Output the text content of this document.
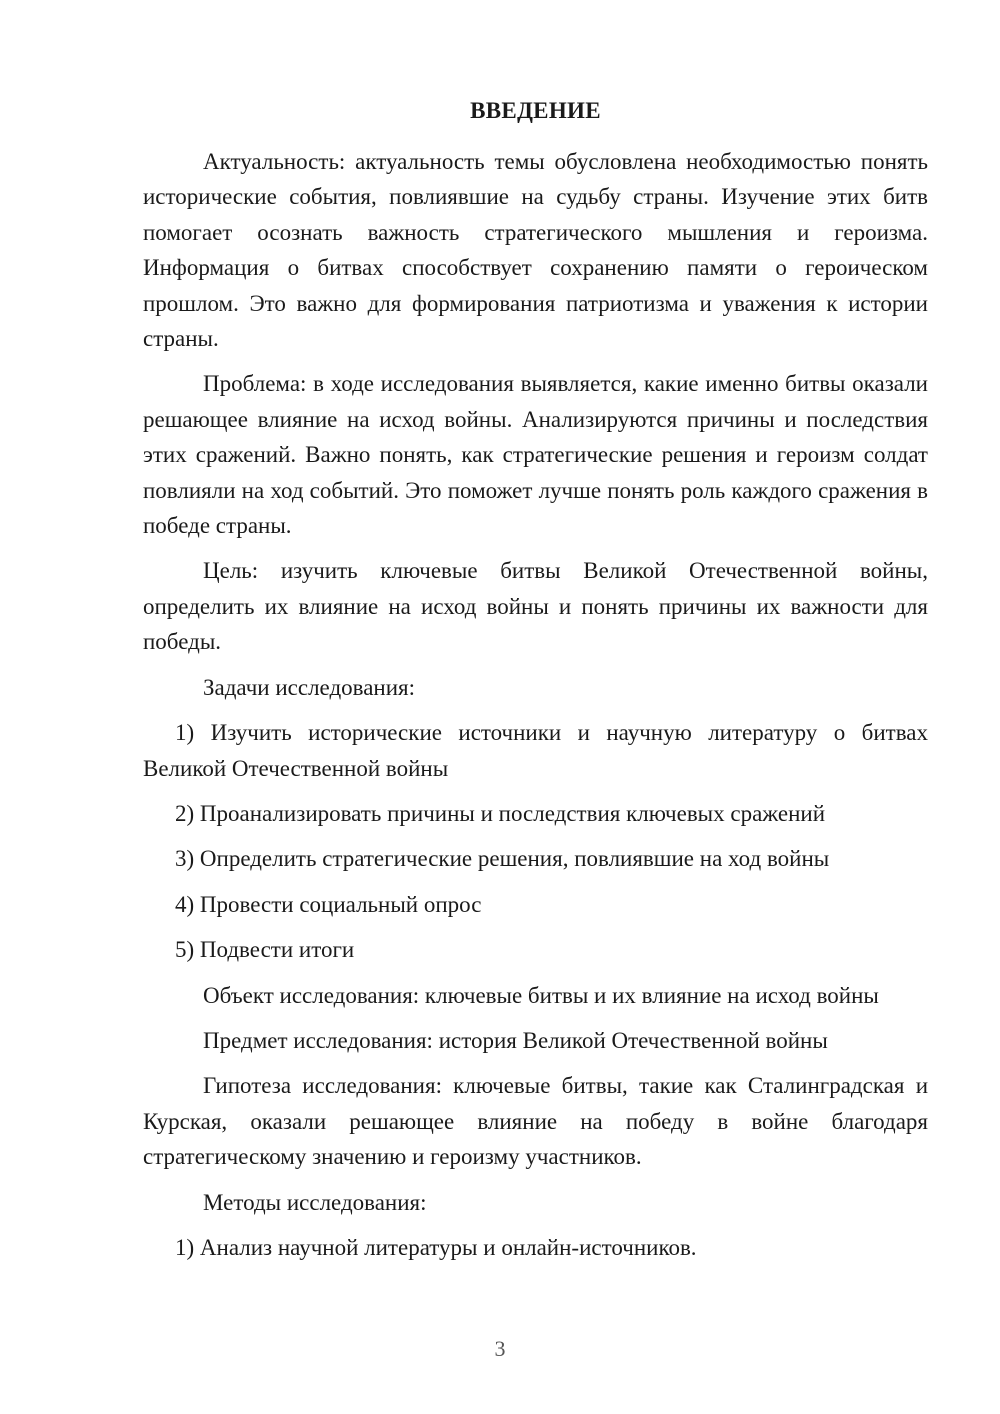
ВВЕДЕНИЕ

Актуальность: актуальность темы обусловлена необходимостью понять исторические события, повлиявшие на судьбу страны. Изучение этих битв помогает осознать важность стратегического мышления и героизма. Информация о битвах способствует сохранению памяти о героическом прошлом. Это важно для формирования патриотизма и уважения к истории страны.

Проблема: в ходе исследования выявляется, какие именно битвы оказали решающее влияние на исход войны. Анализируются причины и последствия этих сражений. Важно понять, как стратегические решения и героизм солдат повлияли на ход событий. Это поможет лучше понять роль каждого сражения в победе страны.

Цель: изучить ключевые битвы Великой Отечественной войны, определить их влияние на исход войны и понять причины их важности для победы.

Задачи исследования:

1) Изучить исторические источники и научную литературу о битвах Великой Отечественной войны

2) Проанализировать причины и последствия ключевых сражений

3) Определить стратегические решения, повлиявшие на ход войны

4) Провести социальный опрос

5) Подвести итоги

Объект исследования: ключевые битвы и их влияние на исход войны

Предмет исследования: история Великой Отечественной войны

Гипотеза исследования: ключевые битвы, такие как Сталинградская и Курская, оказали решающее влияние на победу в войне благодаря стратегическому значению и героизму участников.

Методы исследования:

1) Анализ научной литературы и онлайн-источников.

3
